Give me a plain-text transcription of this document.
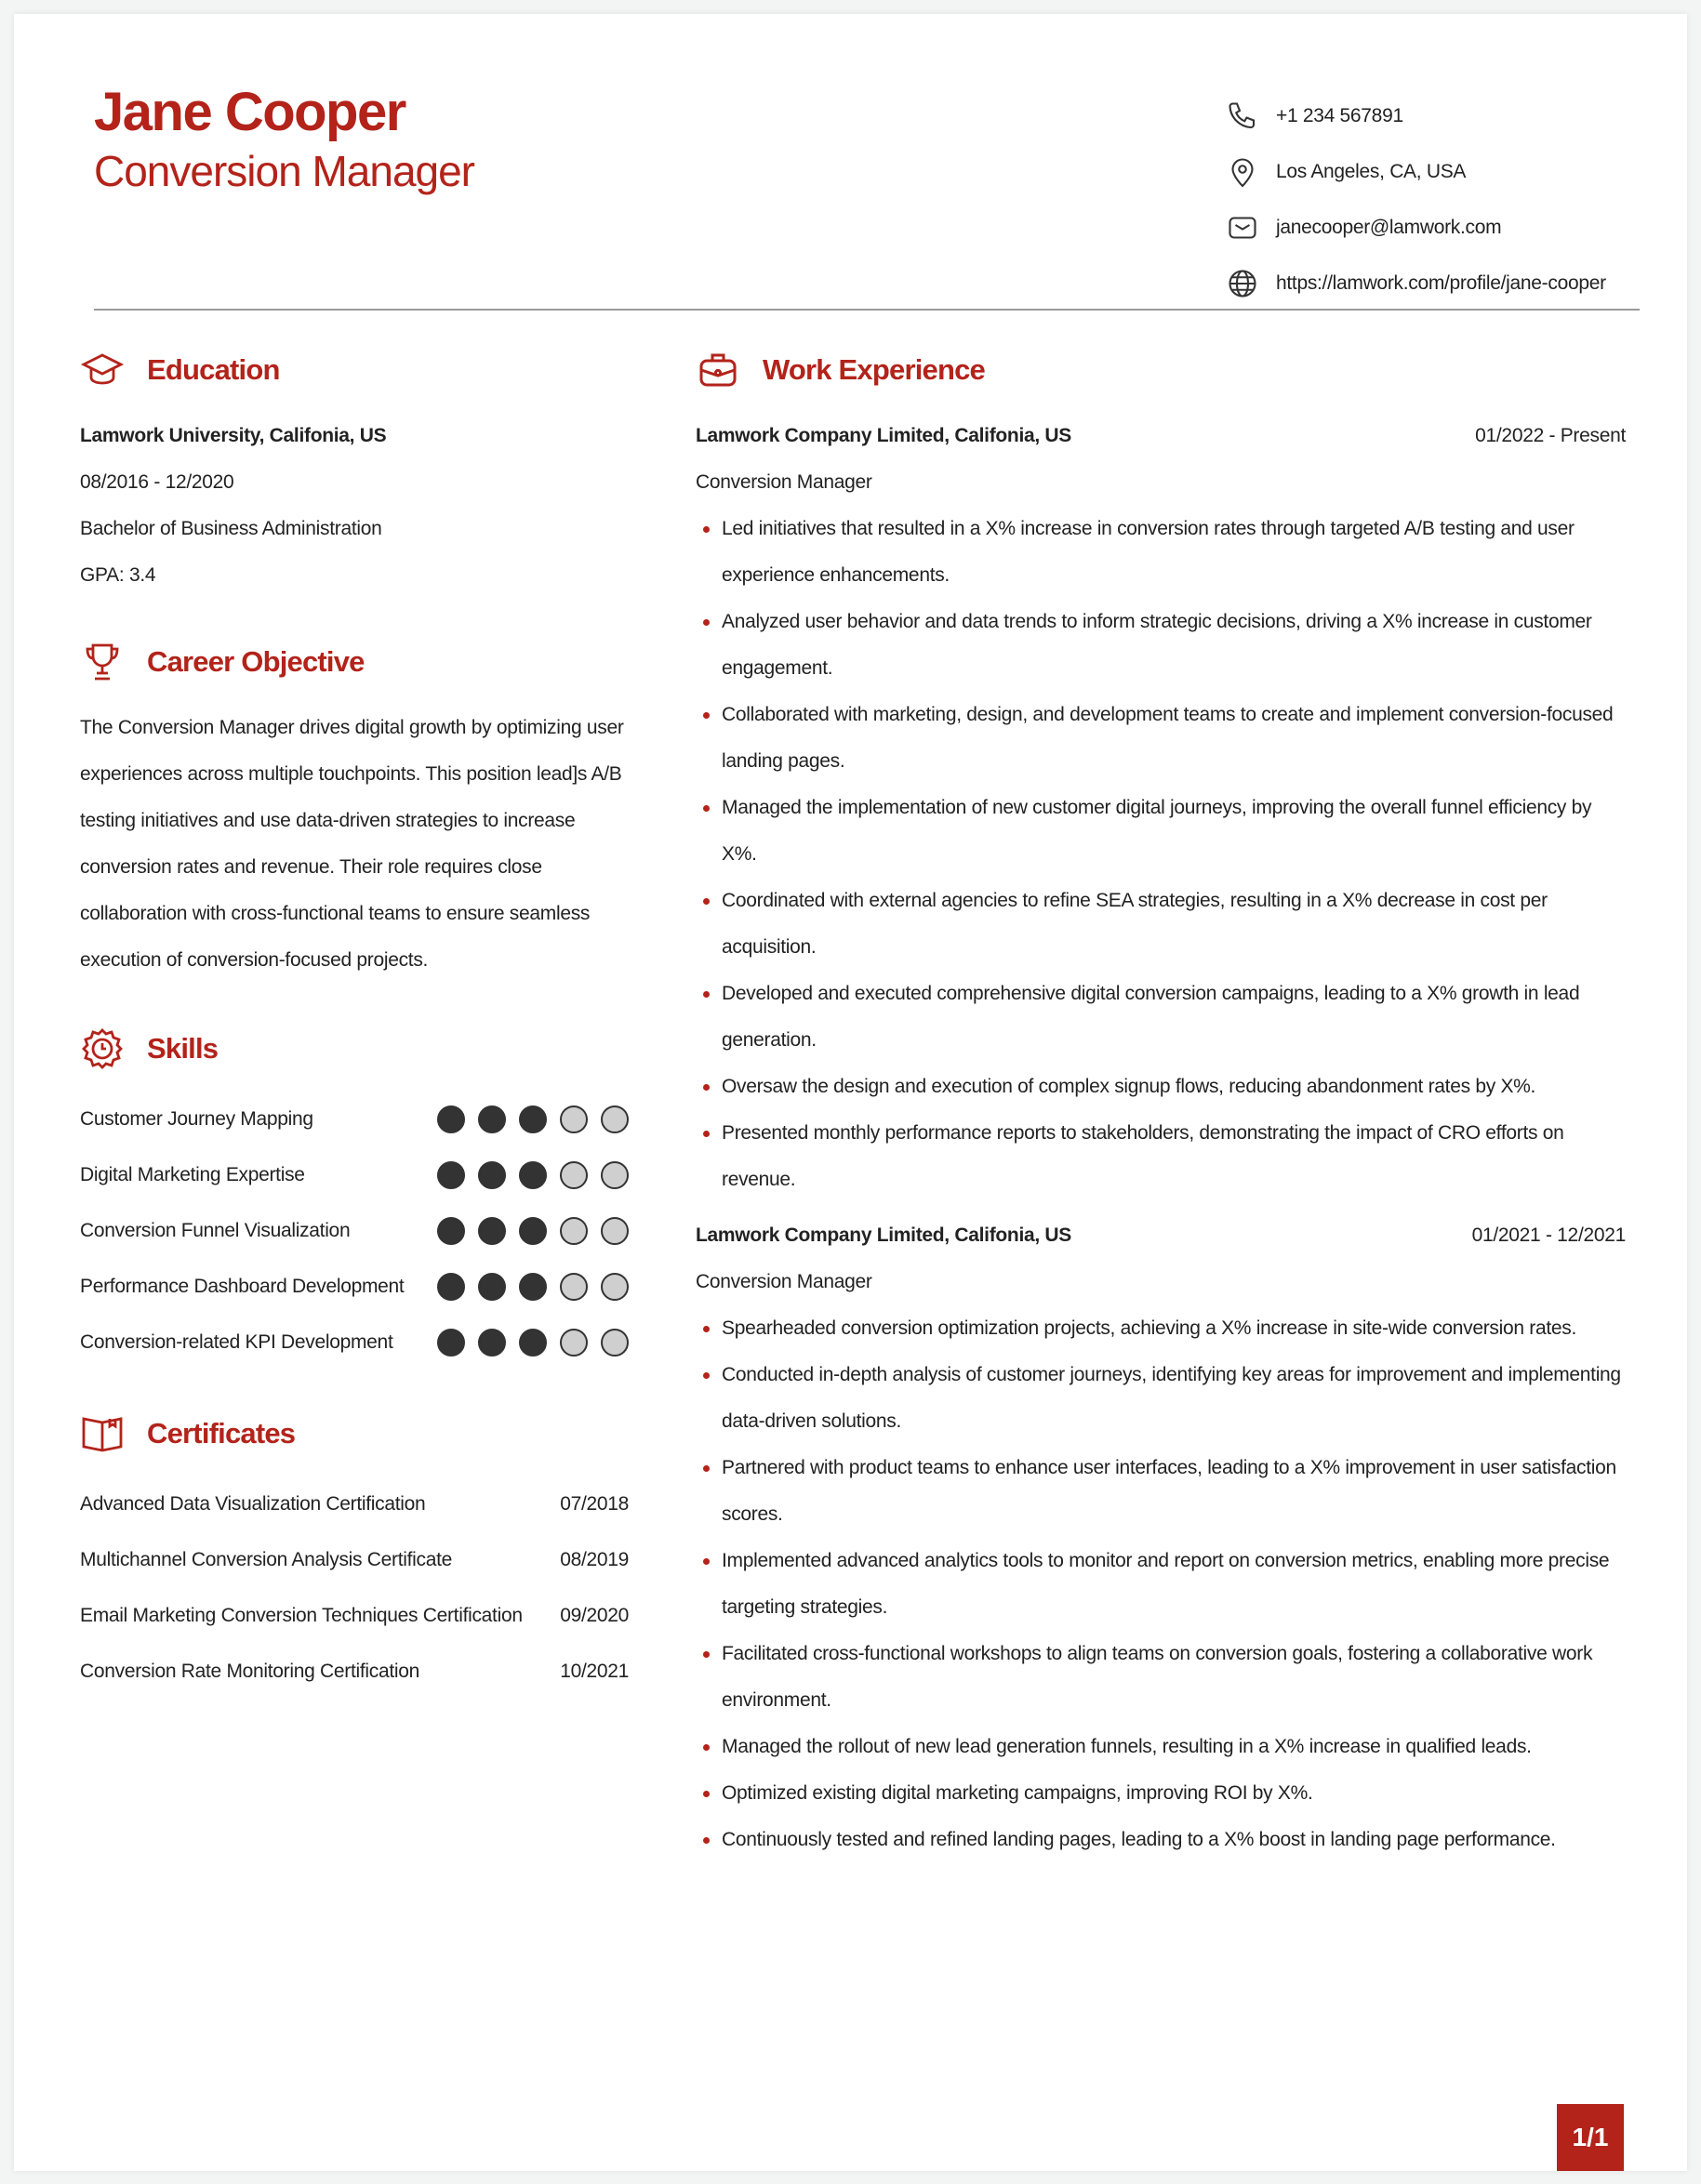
Jane Cooper
Conversion Manager
+1 234 567891
Los Angeles, CA, USA
janecooper@lamwork.com
https://lamwork.com/profile/jane-cooper
Education
Lamwork University, Califonia, US
08/2016 - 12/2020
Bachelor of Business Administration
GPA: 3.4
Career Objective
The Conversion Manager drives digital growth by optimizing user experiences across multiple touchpoints. This position lead]s A/B testing initiatives and use data-driven strategies to increase conversion rates and revenue. Their role requires close collaboration with cross-functional teams to ensure seamless execution of conversion-focused projects.
Skills
Customer Journey Mapping
Digital Marketing Expertise
Conversion Funnel Visualization
Performance Dashboard Development
Conversion-related KPI Development
Certificates
Advanced Data Visualization Certification	07/2018
Multichannel Conversion Analysis Certificate	08/2019
Email Marketing Conversion Techniques Certification 09/2020
Conversion Rate Monitoring Certification	10/2021
Work Experience
Lamwork Company Limited, Califonia, US	01/2022 - Present
Conversion Manager
Led initiatives that resulted in a X% increase in conversion rates through targeted A/B testing and user experience enhancements.
Analyzed user behavior and data trends to inform strategic decisions, driving a X% increase in customer engagement.
Collaborated with marketing, design, and development teams to create and implement conversion-focused landing pages.
Managed the implementation of new customer digital journeys, improving the overall funnel efficiency by X%.
Coordinated with external agencies to refine SEA strategies, resulting in a X% decrease in cost per acquisition.
Developed and executed comprehensive digital conversion campaigns, leading to a X% growth in lead generation.
Oversaw the design and execution of complex signup flows, reducing abandonment rates by X%.
Presented monthly performance reports to stakeholders, demonstrating the impact of CRO efforts on revenue.
Lamwork Company Limited, Califonia, US	01/2021 - 12/2021
Conversion Manager
Spearheaded conversion optimization projects, achieving a X% increase in site-wide conversion rates.
Conducted in-depth analysis of customer journeys, identifying key areas for improvement and implementing data-driven solutions.
Partnered with product teams to enhance user interfaces, leading to a X% improvement in user satisfaction scores.
Implemented advanced analytics tools to monitor and report on conversion metrics, enabling more precise targeting strategies.
Facilitated cross-functional workshops to align teams on conversion goals, fostering a collaborative work environment.
Managed the rollout of new lead generation funnels, resulting in a X% increase in qualified leads.
Optimized existing digital marketing campaigns, improving ROI by X%.
Continuously tested and refined landing pages, leading to a X% boost in landing page performance.
1/1
